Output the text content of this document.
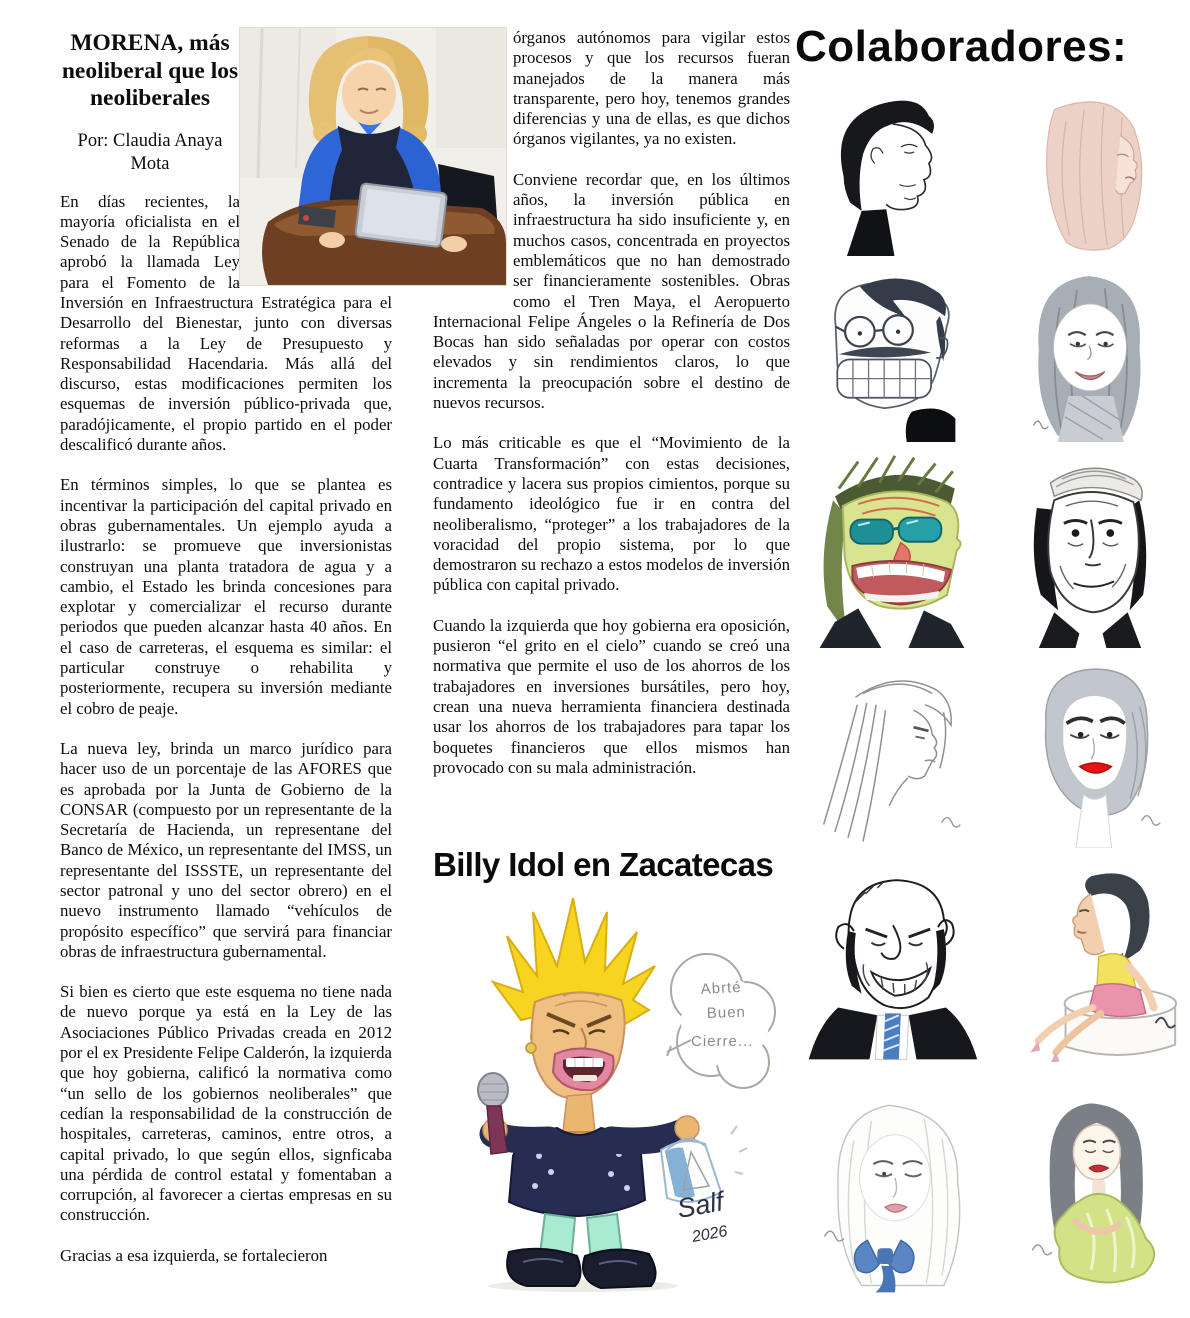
MORENA, más neoliberal que los neoliberales
Por: Claudia Anaya Mota

En días recientes, la mayoría oficialista en el Senado de la República aprobó la llamada Ley para el Fomento de la Inversión en Infraestructura Estratégica para el Desarrollo del Bienestar, junto con diversas reformas a la Ley de Presupuesto y Responsabilidad Hacendaria. Más allá del discurso, estas modificaciones permiten los esquemas de inversión público-privada que, paradójicamente, el propio partido en el poder descalificó durante años.

En términos simples, lo que se plantea es incentivar la participación del capital privado en obras gubernamentales. Un ejemplo ayuda a ilustrarlo: se promueve que inversionistas construyan una planta tratadora de agua y a cambio, el Estado les brinda concesiones para explotar y comercializar el recurso durante periodos que pueden alcanzar hasta 40 años. En el caso de carreteras, el esquema es similar: el particular construye o rehabilita y posteriormente, recupera su inversión mediante el cobro de peaje.

La nueva ley, brinda un marco jurídico para hacer uso de un porcentaje de las AFORES que es aprobada por la Junta de Gobierno de la CONSAR (compuesto por un representante de la Secretaría de Hacienda, un representane del Banco de México, un representante del IMSS, un representante del ISSSTE, un representante del sector patronal y uno del sector obrero) en el nuevo instrumento llamado “vehículos de propósito específico” que servirá para financiar obras de infraestructura gubernamental.

Si bien es cierto que este esquema no tiene nada de nuevo porque ya está en la Ley de las Asociaciones Público Privadas creada en 2012 por el ex Presidente Felipe Calderón, la izquierda que hoy gobierna, calificó la normativa como “un sello de los gobiernos neoliberales” que cedían la responsabilidad de la construcción de hospitales, carreteras, caminos, entre otros, a capital privado, lo que según ellos, signficaba una pérdida de control estatal y fomentaban a corrupción, al favorecer a ciertas empresas en su construcción.

Gracias a esa izquierda, se fortalecieron

órganos autónomos para vigilar estos procesos y que los recursos fueran manejados de la manera más transparente, pero hoy, tenemos grandes diferencias y una de ellas, es que dichos órganos vigilantes, ya no existen.

Conviene recordar que, en los últimos años, la inversión pública en infraestructura ha sido insuficiente y, en muchos casos, concentrada en proyectos emblemáticos que no han demostrado ser financieramente sostenibles. Obras como el Tren Maya, el Aeropuerto Internacional Felipe Ángeles o la Refinería de Dos Bocas han sido señaladas por operar con costos elevados y sin rendimientos claros, lo que incrementa la preocupación sobre el destino de nuevos recursos.

Lo más criticable es que el “Movimiento de la Cuarta Transformación” con estas decisiones, contradice y lacera sus propios cimientos, porque su fundamento ideológico fue ir en contra del neoliberalismo, “proteger” a los trabajadores de la voracidad del propio sistema, por lo que demostraron su rechazo a estos modelos de inversión pública con capital privado.

Cuando la izquierda que hoy gobierna era oposición, pusieron “el grito en el cielo” cuando se creó una normativa que permite el uso de los ahorros de los trabajadores en inversiones bursátiles, pero hoy, crean una nueva herramienta financiera destinada usar los ahorros de los trabajadores para tapar los boquetes financieros que ellos mismos han provocado con su mala administración.

Billy Idol en Zacatecas
Abrté
Buen
Cierre...
Salf
2026
Colaboradores:
